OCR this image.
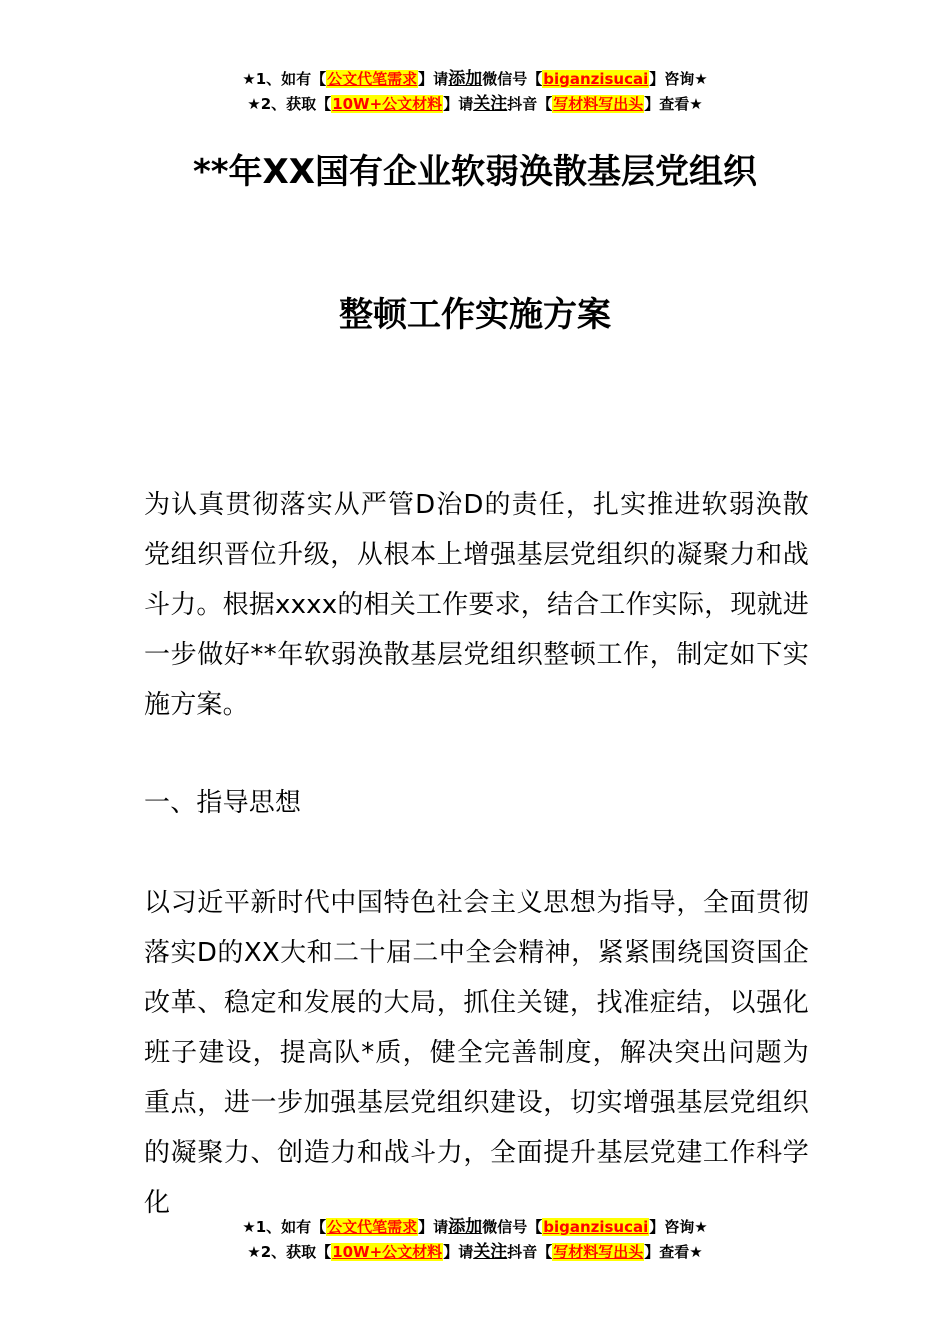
★1、如有【公文代笔需求】请添加微信号【biganzisucai】咨询★
★2、获取【10W+公文材料】请关注抖音【写材料写出头】查看★
**年XX国有企业软弱涣散基层党组织
整顿工作实施方案
为认真贯彻落实从严管D治D的责任，扎实推进软弱涣散党组织晋位升级，从根本上增强基层党组织的凝聚力和战斗力。根据xxxx的相关工作要求，结合工作实际，现就进一步做好**年软弱涣散基层党组织整顿工作，制定如下实施方案。
一、指导思想
以习近平新时代中国特色社会主义思想为指导，全面贯彻落实D的XX大和二十届二中全会精神，紧紧围绕国资国企改革、稳定和发展的大局，抓住关键，找准症结，以强化班子建设，提高队*质，健全完善制度，解决突出问题为重点，进一步加强基层党组织建设，切实增强基层党组织的凝聚力、创造力和战斗力，全面提升基层党建工作科学化
★1、如有【公文代笔需求】请添加微信号【biganzisucai】咨询★
★2、获取【10W+公文材料】请关注抖音【写材料写出头】查看★
